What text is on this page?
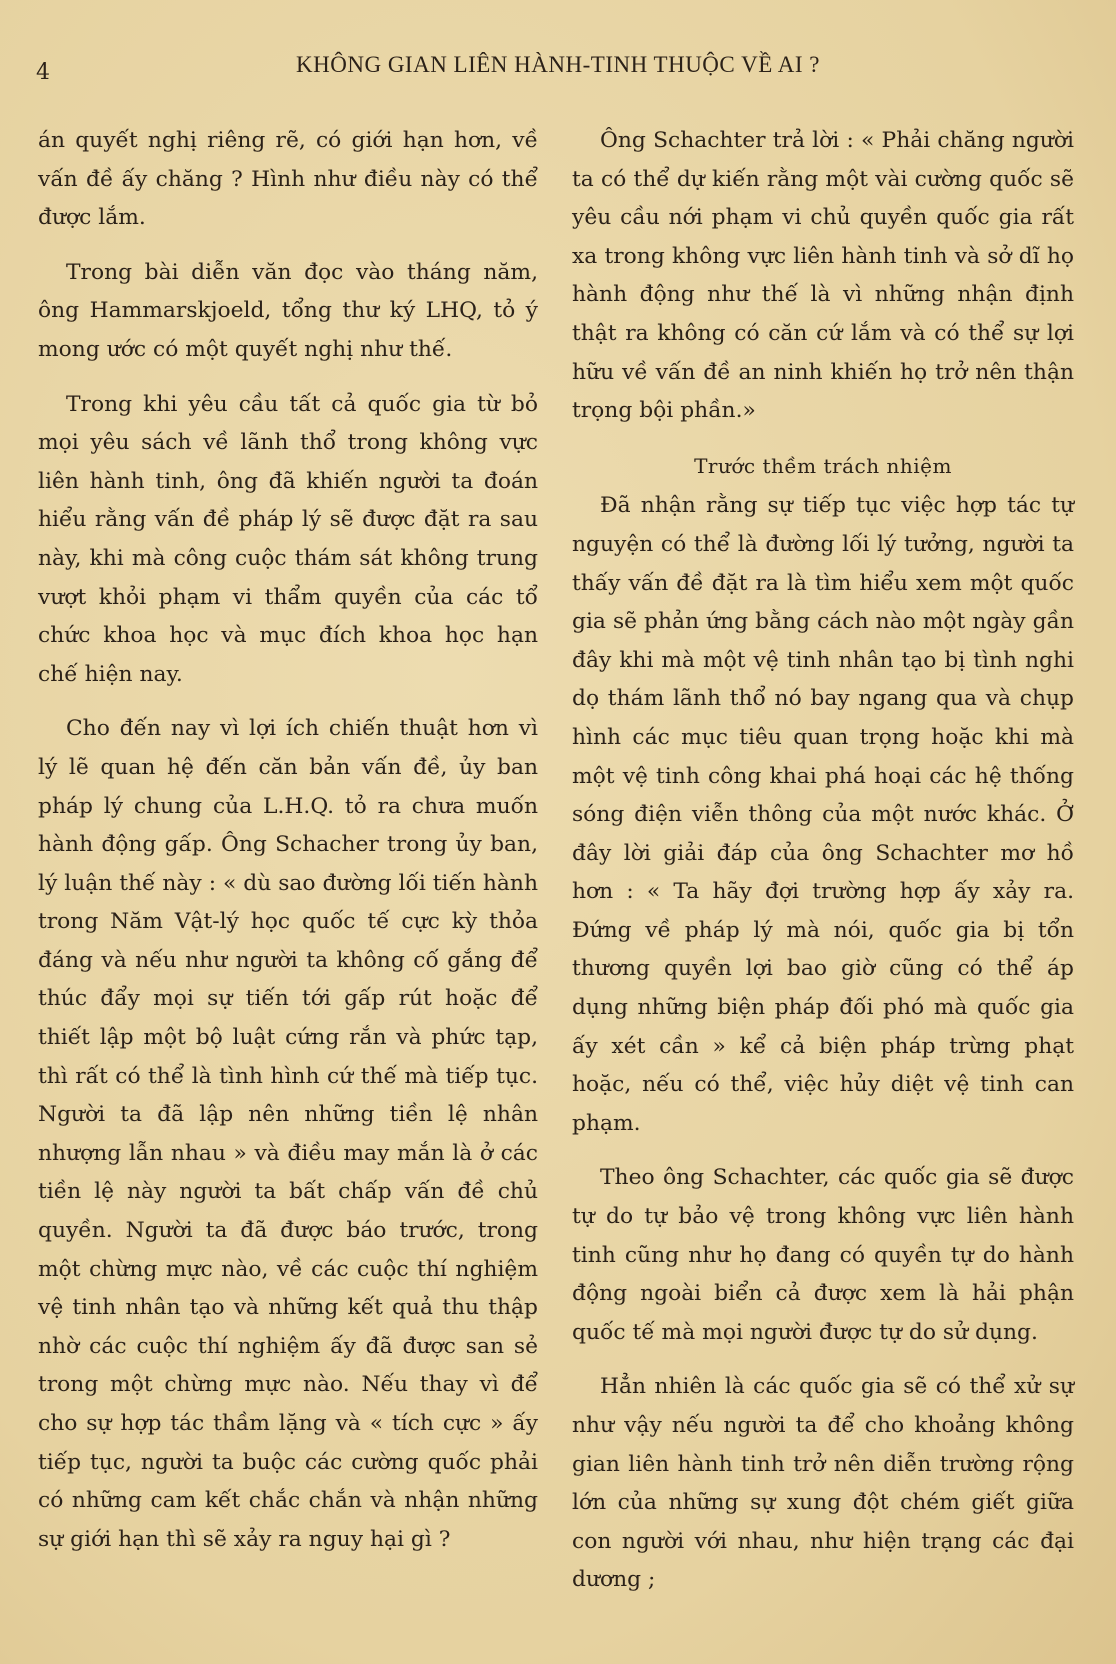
4	KHÔNG GIAN LIÊN HÀNH-TINH THUỘC VỀ AI ?

án quyết nghị riêng rẽ, có giới hạn hơn, về vấn đề ấy chăng ? Hình như điều này có thể được lắm.

Trong bài diễn văn đọc vào tháng năm, ông Hammarskjoeld, tổng thư ký LHQ, tỏ ý mong ước có một quyết nghị như thế.

Trong khi yêu cầu tất cả quốc gia từ bỏ mọi yêu sách về lãnh thổ trong không vực liên hành tinh, ông đã khiến người ta đoán hiểu rằng vấn đề pháp lý sẽ được đặt ra sau này, khi mà công cuộc thám sát không trung vượt khỏi phạm vi thẩm quyền của các tổ chức khoa học và mục đích khoa học hạn chế hiện nay.

Cho đến nay vì lợi ích chiến thuật hơn vì lý lẽ quan hệ đến căn bản vấn đề, ủy ban pháp lý chung của L.H.Q. tỏ ra chưa muốn hành động gấp. Ông Schacher trong ủy ban, lý luận thế này : « dù sao đường lối tiến hành trong Năm Vật-lý học quốc tế cực kỳ thỏa đáng và nếu như người ta không cố gắng để thúc đẩy mọi sự tiến tới gấp rút hoặc để thiết lập một bộ luật cứng rắn và phức tạp, thì rất có thể là tình hình cứ thế mà tiếp tục. Người ta đã lập nên những tiền lệ nhân nhượng lẫn nhau » và điều may mắn là ở các tiền lệ này người ta bất chấp vấn đề chủ quyền. Người ta đã được báo trước, trong một chừng mực nào, về các cuộc thí nghiệm vệ tinh nhân tạo và những kết quả thu thập nhờ các cuộc thí nghiệm ấy đã được san sẻ trong một chừng mực nào. Nếu thay vì để cho sự hợp tác thầm lặng và « tích cực » ấy tiếp tục, người ta buộc các cường quốc phải có những cam kết chắc chắn và nhận những sự giới hạn thì sẽ xảy ra nguy hại gì ?

Ông Schachter trả lời : « Phải chăng người ta có thể dự kiến rằng một vài cường quốc sẽ yêu cầu nới phạm vi chủ quyền quốc gia rất xa trong không vực liên hành tinh và sở dĩ họ hành động như thế là vì những nhận định thật ra không có căn cứ lắm và có thể sự lợi hữu về vấn đề an ninh khiến họ trở nên thận trọng bội phần.»

Trước thềm trách nhiệm

Đã nhận rằng sự tiếp tục việc hợp tác tự nguyện có thể là đường lối lý tưởng, người ta thấy vấn đề đặt ra là tìm hiểu xem một quốc gia sẽ phản ứng bằng cách nào một ngày gần đây khi mà một vệ tinh nhân tạo bị tình nghi dọ thám lãnh thổ nó bay ngang qua và chụp hình các mục tiêu quan trọng hoặc khi mà một vệ tinh công khai phá hoại các hệ thống sóng điện viễn thông của một nước khác. Ở đây lời giải đáp của ông Schachter mơ hồ hơn : « Ta hãy đợi trường hợp ấy xảy ra. Đứng về pháp lý mà nói, quốc gia bị tổn thương quyền lợi bao giờ cũng có thể áp dụng những biện pháp đối phó mà quốc gia ấy xét cần » kể cả biện pháp trừng phạt hoặc, nếu có thể, việc hủy diệt vệ tinh can phạm.

Theo ông Schachter, các quốc gia sẽ được tự do tự bảo vệ trong không vực liên hành tinh cũng như họ đang có quyền tự do hành động ngoài biển cả được xem là hải phận quốc tế mà mọi người được tự do sử dụng.

Hẳn nhiên là các quốc gia sẽ có thể xử sự như vậy nếu người ta để cho khoảng không gian liên hành tinh trở nên diễn trường rộng lớn của những sự xung đột chém giết giữa con người với nhau, như hiện trạng các đại dương ;
